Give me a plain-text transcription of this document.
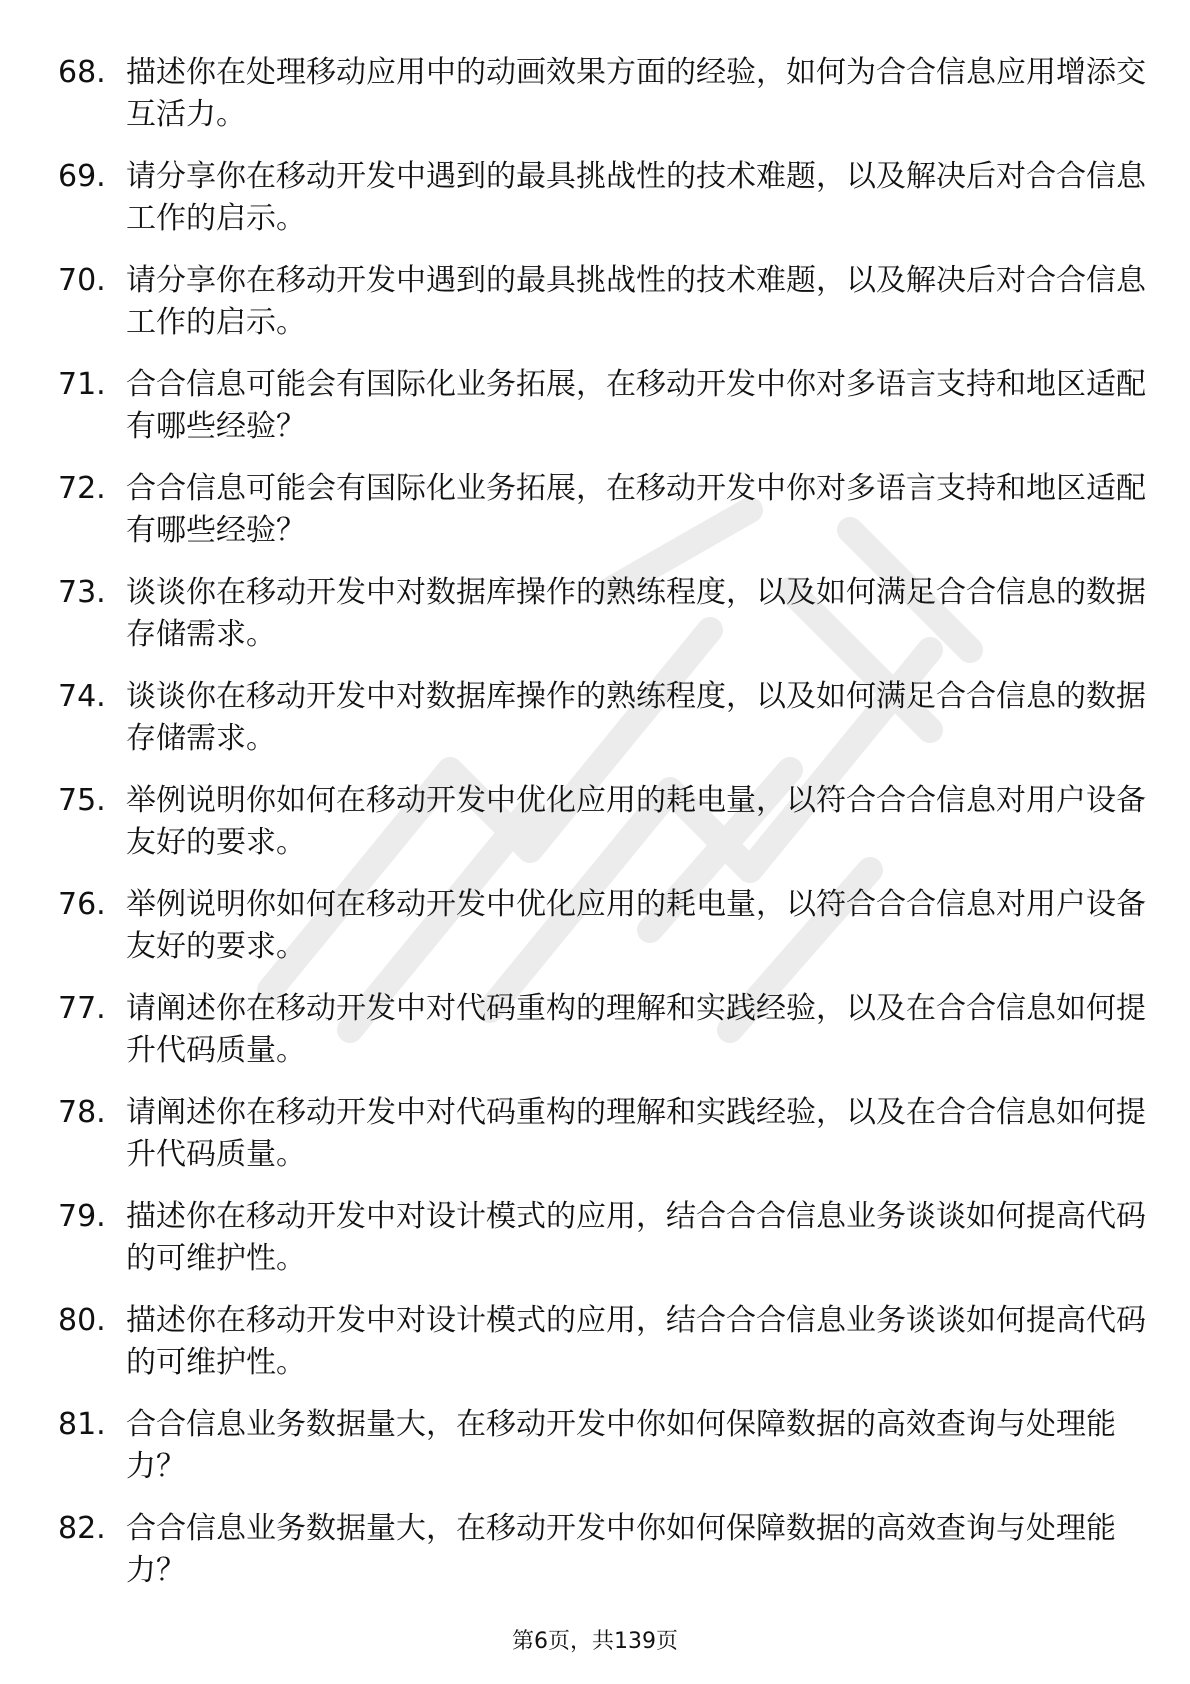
68. 描述你在处理移动应用中的动画效果方面的经验，如何为合合信息应用增添交互活力。
69. 请分享你在移动开发中遇到的最具挑战性的技术难题，以及解决后对合合信息工作的启示。
70. 请分享你在移动开发中遇到的最具挑战性的技术难题，以及解决后对合合信息工作的启示。
71. 合合信息可能会有国际化业务拓展，在移动开发中你对多语言支持和地区适配有哪些经验？
72. 合合信息可能会有国际化业务拓展，在移动开发中你对多语言支持和地区适配有哪些经验？
73. 谈谈你在移动开发中对数据库操作的熟练程度，以及如何满足合合信息的数据存储需求。
74. 谈谈你在移动开发中对数据库操作的熟练程度，以及如何满足合合信息的数据存储需求。
75. 举例说明你如何在移动开发中优化应用的耗电量，以符合合合信息对用户设备友好的要求。
76. 举例说明你如何在移动开发中优化应用的耗电量，以符合合合信息对用户设备友好的要求。
77. 请阐述你在移动开发中对代码重构的理解和实践经验，以及在合合信息如何提升代码质量。
78. 请阐述你在移动开发中对代码重构的理解和实践经验，以及在合合信息如何提升代码质量。
79. 描述你在移动开发中对设计模式的应用，结合合合信息业务谈谈如何提高代码的可维护性。
80. 描述你在移动开发中对设计模式的应用，结合合合信息业务谈谈如何提高代码的可维护性。
81. 合合信息业务数据量大，在移动开发中你如何保障数据的高效查询与处理能力？
82. 合合信息业务数据量大，在移动开发中你如何保障数据的高效查询与处理能力？
第6页，共139页
